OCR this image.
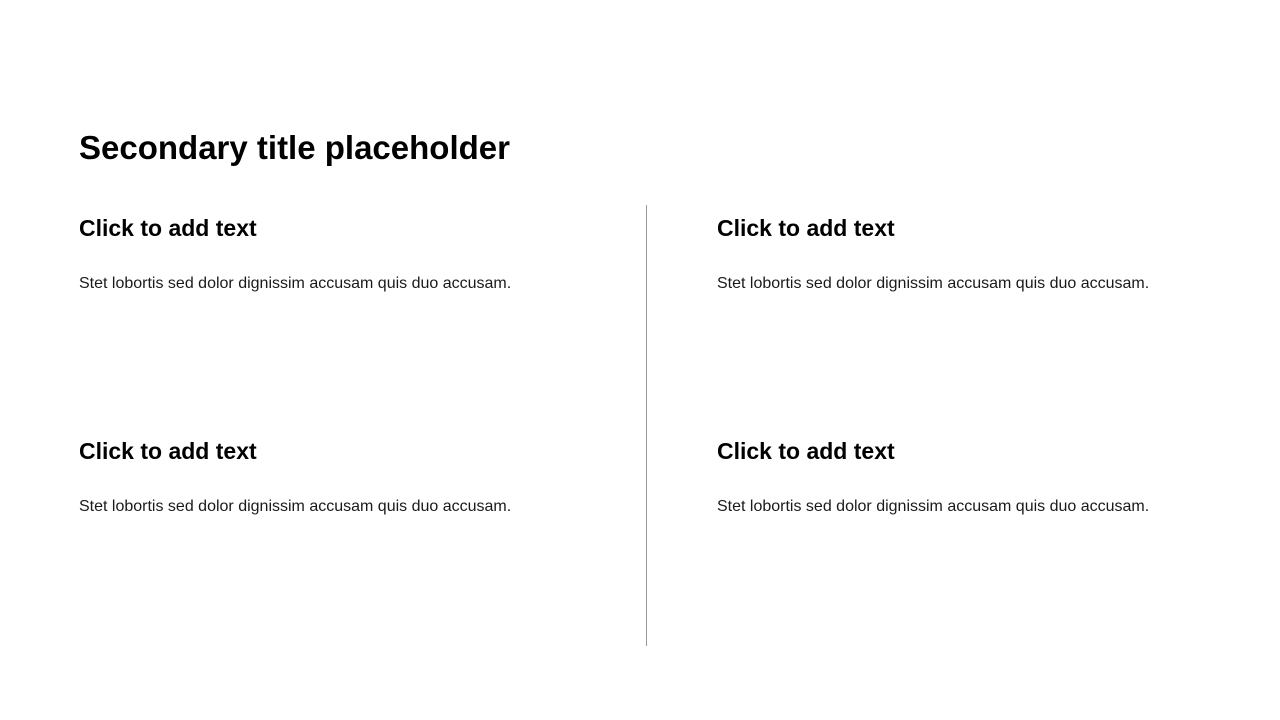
Secondary title placeholder
Click to add text

Stet lobortis sed dolor dignissim accusam quis duo accusam.

Click to add text

Stet lobortis sed dolor dignissim accusam quis duo accusam.

Click to add text

Stet lobortis sed dolor dignissim accusam quis duo accusam.

Click to add text

Stet lobortis sed dolor dignissim accusam quis duo accusam.
